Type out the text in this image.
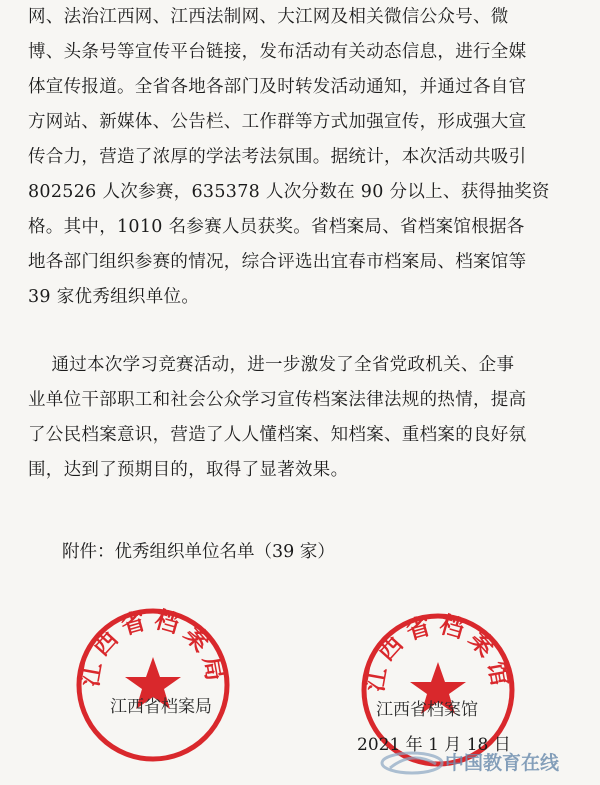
网、法治江西网、江西法制网、大江网及相关微信公众号、微
博、头条号等宣传平台链接，发布活动有关动态信息，进行全媒
体宣传报道。全省各地各部门及时转发活动通知，并通过各自官
方网站、新媒体、公告栏、工作群等方式加强宣传，形成强大宣
传合力，营造了浓厚的学法考法氛围。据统计，本次活动共吸引
802526 人次参赛，635378 人次分数在 90 分以上、获得抽奖资
格。其中，1010 名参赛人员获奖。省档案局、省档案馆根据各
地各部门组织参赛的情况，综合评选出宜春市档案局、档案馆等
39 家优秀组织单位。
通过本次学习竞赛活动，进一步激发了全省党政机关、企事
业单位干部职工和社会公众学习宣传档案法律法规的热情，提高
了公民档案意识，营造了人人懂档案、知档案、重档案的良好氛
围，达到了预期目的，取得了显著效果。
附件：优秀组织单位名单（39 家）
江西省档案局	江西省档案馆
江西省档案局	江西省档案馆
2021 年 1 月 18 日
中国教育在线
